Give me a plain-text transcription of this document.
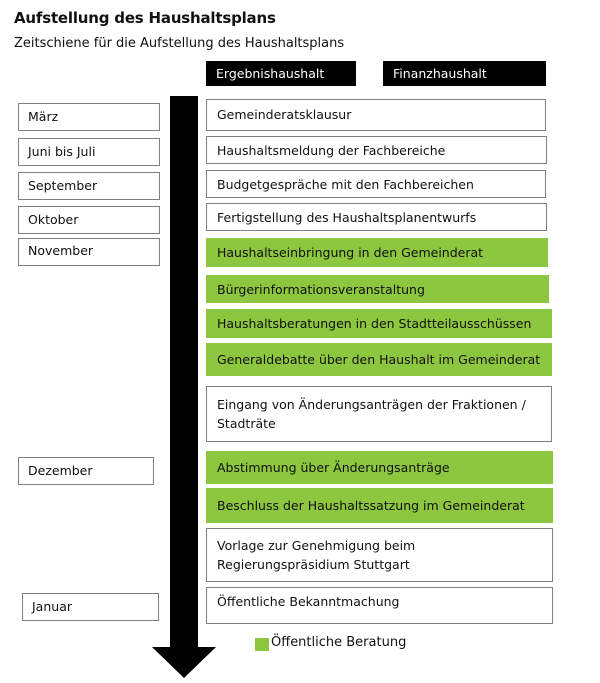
Aufstellung des Haushaltsplans
Zeitschiene für die Aufstellung des Haushaltsplans
Ergebnishaushalt	Finanzhaushalt
März
Juni bis Juli
September
Oktober
November
Dezember
Januar
Gemeinderatsklausur
Haushaltsmeldung der Fachbereiche
Budgetgespräche mit den Fachbereichen
Fertigstellung des Haushaltsplanentwurfs
Haushaltseinbringung in den Gemeinderat
Bürgerinformationsveranstaltung
Haushaltsberatungen in den Stadtteilausschüssen
Generaldebatte über den Haushalt im Gemeinderat
Eingang von Änderungsanträgen der Fraktionen / Stadträte
Abstimmung über Änderungsanträge
Beschluss der Haushaltssatzung im Gemeinderat
Vorlage zur Genehmigung beim Regierungspräsidium Stuttgart
Öffentliche Bekanntmachung
Öffentliche Beratung
